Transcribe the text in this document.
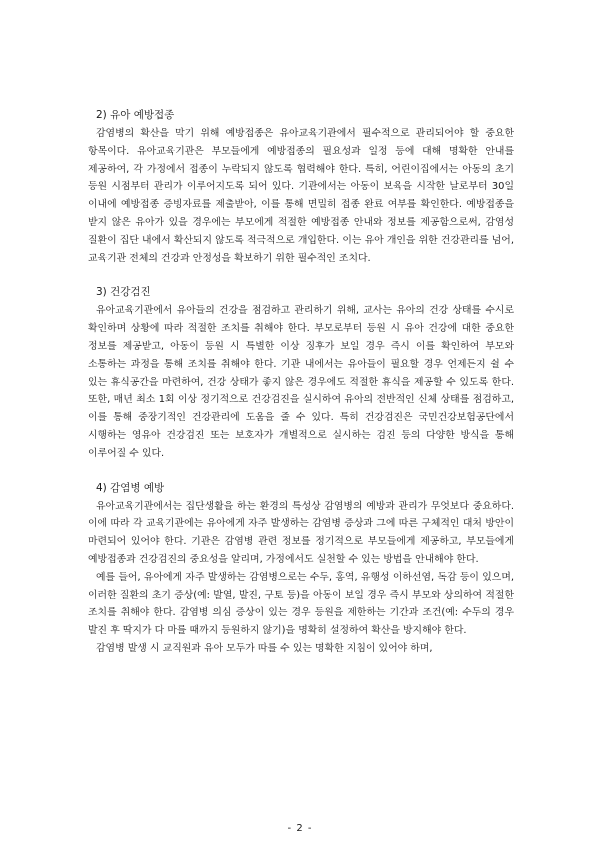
2) 유아 예방접종

감염병의 확산을 막기 위해 예방접종은 유아교육기관에서 필수적으로 관리되어야 할 중요한 항목이다. 유아교육기관은 부모들에게 예방접종의 필요성과 일정 등에 대해 명확한 안내를 제공하여, 각 가정에서 접종이 누락되지 않도록 협력해야 한다. 특히, 어린이집에서는 아동의 초기 등원 시점부터 관리가 이루어지도록 되어 있다. 기관에서는 아동이 보육을 시작한 날로부터 30일 이내에 예방접종 증빙자료를 제출받아, 이를 통해 면밀히 접종 완료 여부를 확인한다. 예방접종을 받지 않은 유아가 있을 경우에는 부모에게 적절한 예방접종 안내와 정보를 제공함으로써, 감염성 질환이 집단 내에서 확산되지 않도록 적극적으로 개입한다. 이는 유아 개인을 위한 건강관리를 넘어, 교육기관 전체의 건강과 안정성을 확보하기 위한 필수적인 조치다.

3) 건강검진

유아교육기관에서 유아들의 건강을 점검하고 관리하기 위해, 교사는 유아의 건강 상태를 수시로 확인하며 상황에 따라 적절한 조치를 취해야 한다. 부모로부터 등원 시 유아 건강에 대한 중요한 정보를 제공받고, 아동이 등원 시 특별한 이상 징후가 보일 경우 즉시 이를 확인하여 부모와 소통하는 과정을 통해 조치를 취해야 한다. 기관 내에서는 유아들이 필요할 경우 언제든지 쉴 수 있는 휴식공간을 마련하여, 건강 상태가 좋지 않은 경우에도 적절한 휴식을 제공할 수 있도록 한다. 또한, 매년 최소 1회 이상 정기적으로 건강검진을 실시하여 유아의 전반적인 신체 상태를 점검하고, 이를 통해 중장기적인 건강관리에 도움을 줄 수 있다. 특히 건강검진은 국민건강보험공단에서 시행하는 영유아 건강검진 또는 보호자가 개별적으로 실시하는 검진 등의 다양한 방식을 통해 이루어질 수 있다.

4) 감염병 예방

유아교육기관에서는 집단생활을 하는 환경의 특성상 감염병의 예방과 관리가 무엇보다 중요하다. 이에 따라 각 교육기관에는 유아에게 자주 발생하는 감염병 증상과 그에 따른 구체적인 대처 방안이 마련되어 있어야 한다. 기관은 감염병 관련 정보를 정기적으로 부모들에게 제공하고, 부모들에게 예방접종과 건강검진의 중요성을 알리며, 가정에서도 실천할 수 있는 방법을 안내해야 한다.

예를 들어, 유아에게 자주 발생하는 감염병으로는 수두, 홍역, 유행성 이하선염, 독감 등이 있으며, 이러한 질환의 초기 증상(예: 발열, 발진, 구토 등)을 아동이 보일 경우 즉시 부모와 상의하여 적절한 조치를 취해야 한다. 감염병 의심 증상이 있는 경우 등원을 제한하는 기간과 조건(예: 수두의 경우 발진 후 딱지가 다 마를 때까지 등원하지 않기)을 명확히 설정하여 확산을 방지해야 한다.

감염병 발생 시 교직원과 유아 모두가 따를 수 있는 명확한 지침이 있어야 하며,

- 2 -
